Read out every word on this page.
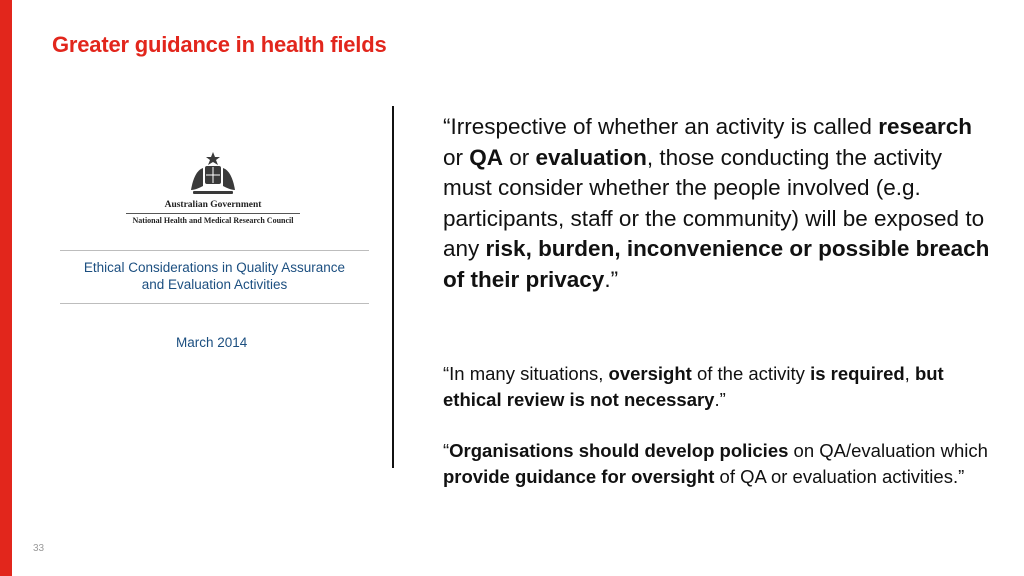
Greater guidance in health fields
Australian Government
National Health and Medical Research Council
Ethical Considerations in Quality Assurance
and Evaluation Activities
March 2014

“Irrespective of whether an activity is called research or QA or evaluation, those conducting the activity must consider whether the people involved (e.g. participants, staff or the community) will be exposed to any risk, burden, inconvenience or possible breach of their privacy.”

“In many situations, oversight of the activity is required, but ethical review is not necessary.”

“Organisations should develop policies on QA/evaluation which provide guidance for oversight of QA or evaluation activities.”

33
